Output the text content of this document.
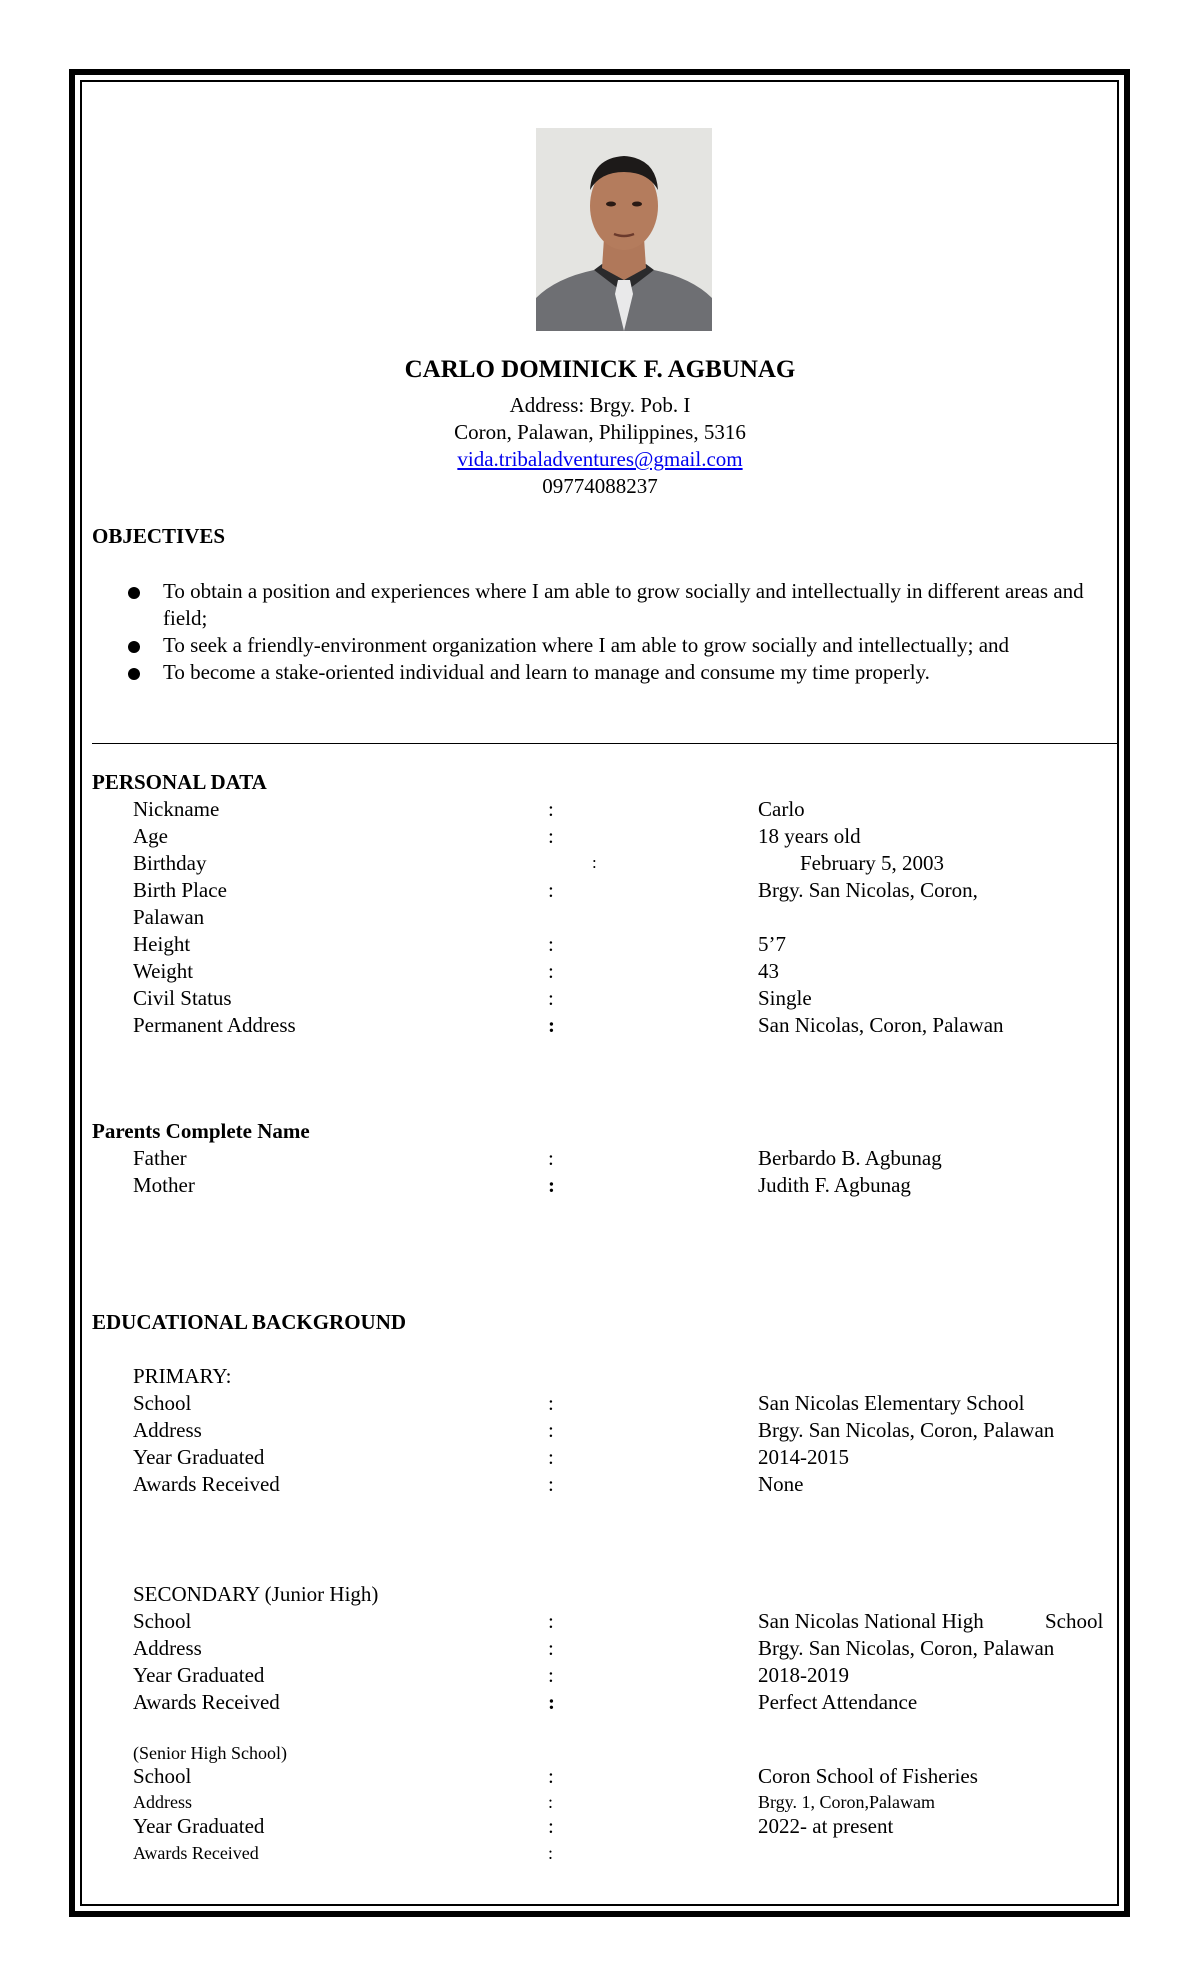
CARLO DOMINICK F. AGBUNAG
Address: Brgy. Pob. I
Coron, Palawan, Philippines, 5316
vida.tribaladventures@gmail.com
09774088237
OBJECTIVES
To obtain a position and experiences where I am able to grow socially and intellectually in different areas and field;
To seek a friendly-environment organization where I am able to grow socially and intellectually; and
To become a stake-oriented individual and learn to manage and consume my time properly.
PERSONAL DATA
Nickname	:	Carlo
Age	:	18 years old
Birthday	:	February 5, 2003
Birth Place	:	Brgy. San Nicolas, Coron,
Palawan
Height	:	5’7
Weight	:	43
Civil Status	:	Single
Permanent Address	:	San Nicolas, Coron, Palawan
Parents Complete Name
Father	:	Berbardo B. Agbunag
Mother	:	Judith F. Agbunag
EDUCATIONAL BACKGROUND
PRIMARY:
School	:	San Nicolas Elementary School
Address	:	Brgy. San Nicolas, Coron, Palawan
Year Graduated	:	2014-2015
Awards Received	:	None
SECONDARY (Junior High)
School	:	San Nicolas National High	School
Address	:	Brgy. San Nicolas, Coron, Palawan
Year Graduated	:	2018-2019
Awards Received	:	Perfect Attendance
(Senior High School)
School	:	Coron School of Fisheries
Address	:	Brgy. 1, Coron,Palawam
Year Graduated	:	2022- at present
Awards Received	:
